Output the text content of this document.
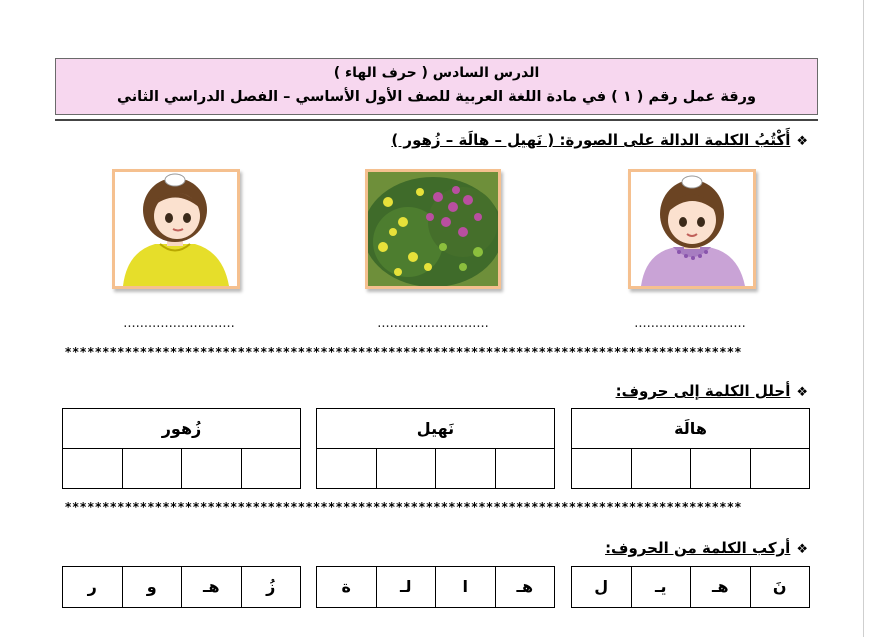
الدرس السادس ( حرف الهاء )
ورقة عمل رقم ( ١ ) في مادة اللغة العربية للصف الأول الأساسي – الفصل الدراسي الثاني
❖أَكْتُبُ الكلمة الدالة على الصورة: ( نَهيل – هالَة – زُهور )
...........................
...........................
...........................
******************************************************************************************
❖أحلل الكلمة إلى حروف:
هالَة
نَهيل
زُهور
******************************************************************************************
❖أركب الكلمة من الحروف:
نَ
هـ
يـ
ل
هـ
ا
لـ
ة
زُ
هـ
و
ر
